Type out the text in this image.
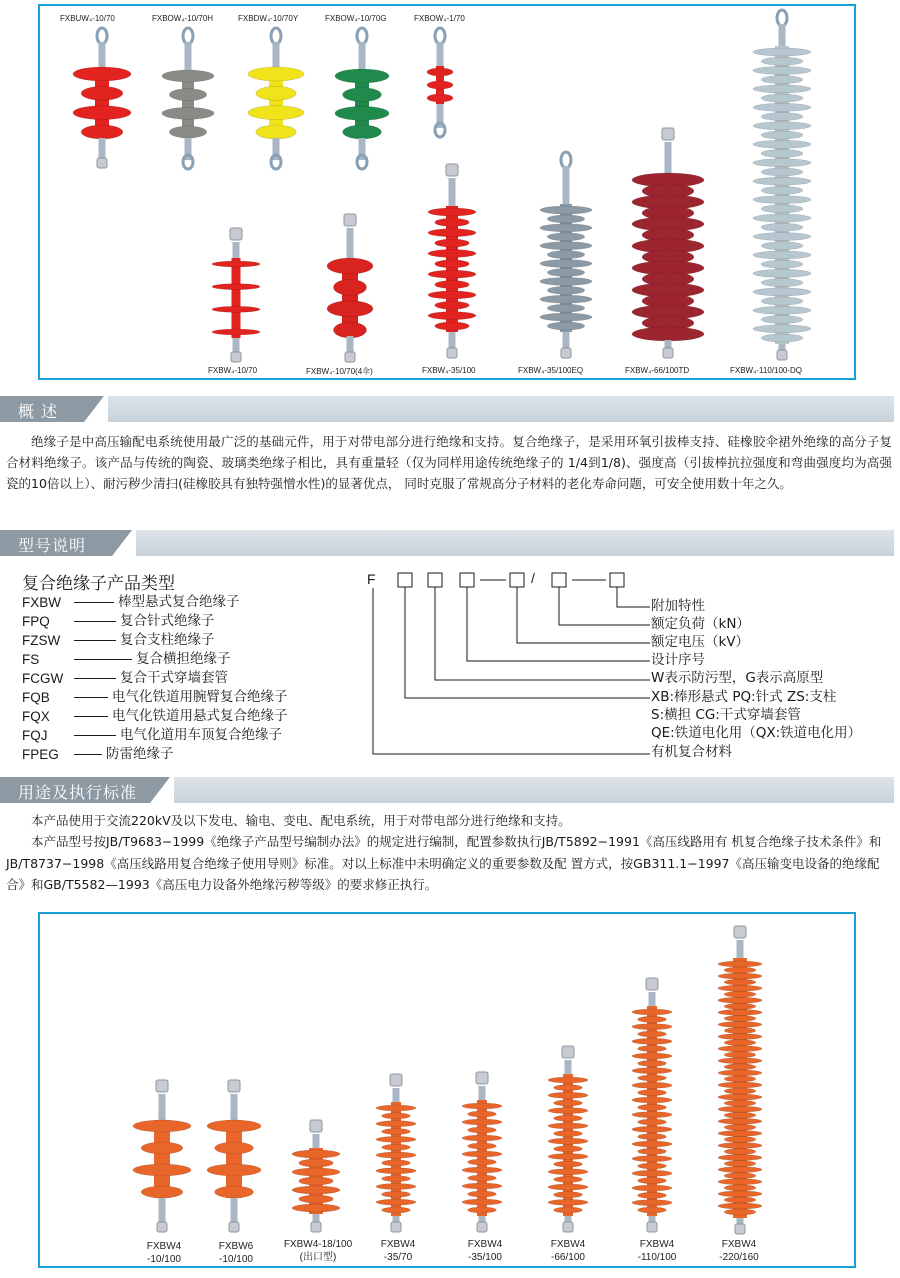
FXBUW₄-10/70	FXBOW₄-10/70H	FXBDW₄-10/70Y	FXBOW₄-10/70G	FXBOW₄-1/70
FXBW₄-10/70	FXBW₄-10/70(4伞)	FXBW₄-35/100	FXBW₄-35/100EQ	FXBW₄-66/100TD	FXBW₄-110/100-DQ
概 述
绝缘子是中高压输配电系统使用最广泛的基础元件，用于对带电部分进行绝缘和支持。复合绝缘子，是采用环氧引拔棒支持、硅橡胶伞裙外绝缘的高分子复合材料绝缘子。该产品与传统的陶瓷、玻璃类绝缘子相比，具有重量轻（仅为同样用途传统绝缘子的 1/4到1/8)、强度高（引拔棒抗拉强度和弯曲强度均为高强瓷的10倍以上）、耐污秽少清扫(硅橡胶具有独特强憎水性)的显著优点， 同时克服了常规高分子材料的老化寿命问题，可安全使用数十年之久。
型号说明
复合绝缘子产品类型
FXBW	棒型悬式复合绝缘子
FPQ	复合针式绝缘子
FZSW	复合支柱绝缘子
FS	复合横担绝缘子
FCGW	复合干式穿墙套管
FQB	电气化铁道用腕臂复合绝缘子
FQX	电气化铁道用悬式复合绝缘子
FQJ	电气化道用车顶复合绝缘子
FPEG	防雷绝缘子
F	/
附加特性
额定负荷（kN）
额定电压（kV）
设计序号
W表示防污型，G表示高原型
XB:棒形悬式 PQ:针式 ZS:支柱
S:横担 CG:干式穿墙套管
QE:铁道电化用（QX:铁道电化用）
有机复合材料
用途及执行标准
本产品使用于交流220kV及以下发电、输电、变电、配电系统，用于对带电部分进行绝缘和支持。
本产品型号按JB/T9683−1999《绝缘子产品型号编制办法》的规定进行编制，配置参数执行JB/T5892−1991《高压线路用有 机复合绝缘子技术条件》和JB/T8737−1998《高压线路用复合绝缘子使用导则》标准。对以上标准中未明确定义的重要参数及配 置方式，按GB311.1−1997《高压输变电设备的绝缘配合》和GB/T5582—1993《高压电力设备外绝缘污秽等级》的要求修正执行。
FXBW4
-10/100
FXBW6
-10/100
FXBW4-18/100
(出口型)
FXBW4
-35/70
FXBW4
-35/100
FXBW4
-66/100
FXBW4
-110/100
FXBW4
-220/160
